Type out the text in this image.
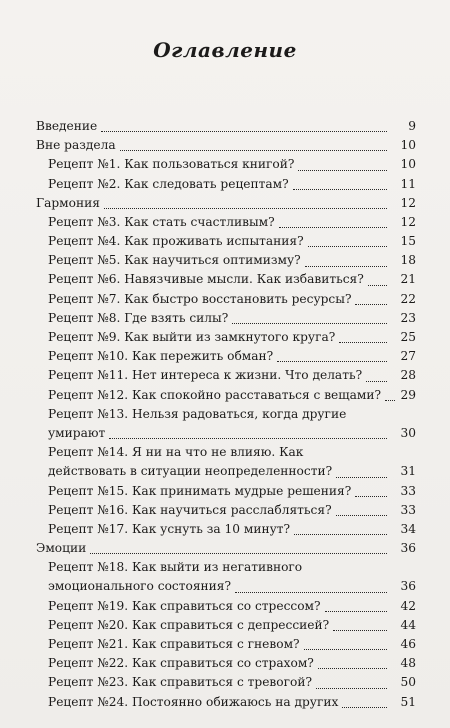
Оглавление
Введение	9
Вне раздела	10
Рецепт №1. Как пользоваться книгой?	10
Рецепт №2. Как следовать рецептам?	11
Гармония	12
Рецепт №3. Как стать счастливым?	12
Рецепт №4. Как проживать испытания?	15
Рецепт №5. Как научиться оптимизму?	18
Рецепт №6. Навязчивые мысли. Как избавиться?	21
Рецепт №7. Как быстро восстановить ресурсы?	22
Рецепт №8. Где взять силы?	23
Рецепт №9. Как выйти из замкнутого круга?	25
Рецепт №10. Как пережить обман?	27
Рецепт №11. Нет интереса к жизни. Что делать?	28
Рецепт №12. Как спокойно расставаться с вещами? 29
Рецепт №13. Нельзя радоваться, когда другие
умирают	30
Рецепт №14. Я ни на что не влияю. Как
действовать в ситуации неопределенности?	31
Рецепт №15. Как принимать мудрые решения?	33
Рецепт №16. Как научиться расслабляться?	33
Рецепт №17. Как уснуть за 10 минут?	34
Эмоции	36
Рецепт №18. Как выйти из негативного
эмоционального состояния?	36
Рецепт №19. Как справиться со стрессом?	42
Рецепт №20. Как справиться с депрессией?	44
Рецепт №21. Как справиться с гневом?	46
Рецепт №22. Как справиться со страхом?	48
Рецепт №23. Как справиться с тревогой?	50
Рецепт №24. Постоянно обижаюсь на других	51
